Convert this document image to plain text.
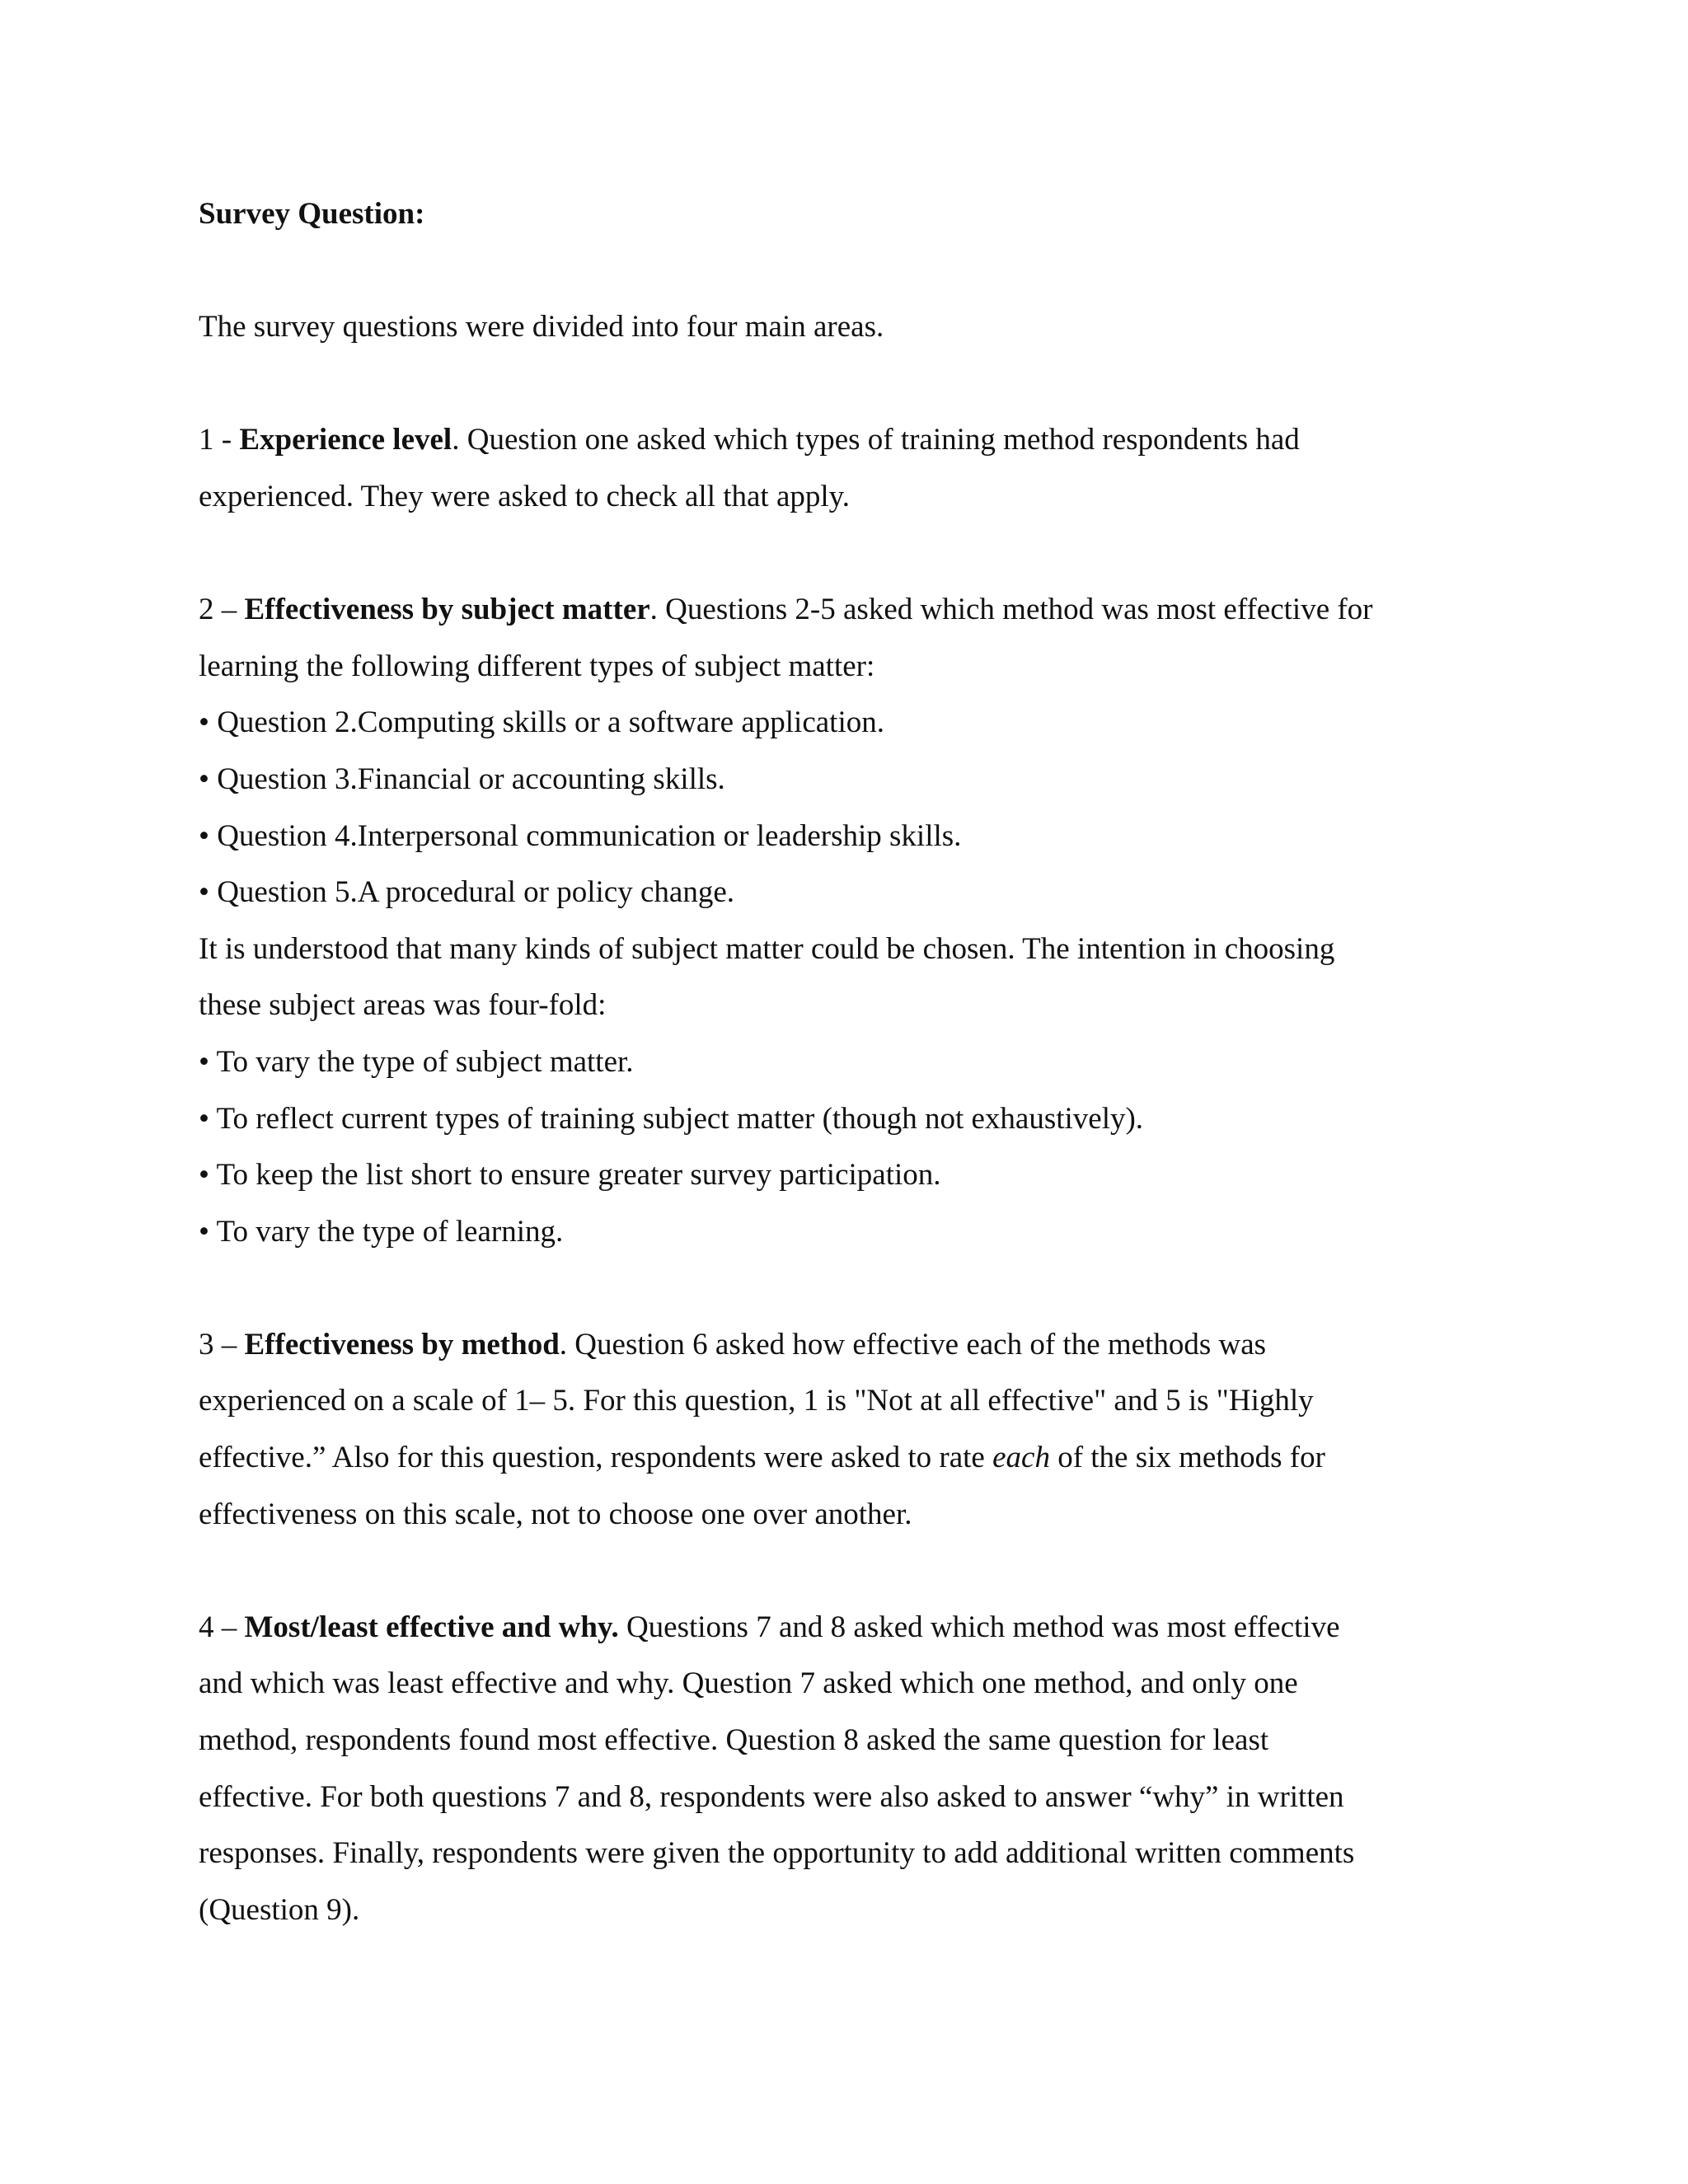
Survey Question:
The survey questions were divided into four main areas.
1 - Experience level. Question one asked which types of training method respondents had
experienced. They were asked to check all that apply.
2 – Effectiveness by subject matter. Questions 2-5 asked which method was most effective for
learning the following different types of subject matter:
• Question 2.Computing skills or a software application.
• Question 3.Financial or accounting skills.
• Question 4.Interpersonal communication or leadership skills.
• Question 5.A procedural or policy change.
It is understood that many kinds of subject matter could be chosen. The intention in choosing
these subject areas was four-fold:
• To vary the type of subject matter.
• To reflect current types of training subject matter (though not exhaustively).
• To keep the list short to ensure greater survey participation.
• To vary the type of learning.
3 – Effectiveness by method. Question 6 asked how effective each of the methods was
experienced on a scale of 1– 5. For this question, 1 is "Not at all effective" and 5 is "Highly
effective.” Also for this question, respondents were asked to rate each of the six methods for
effectiveness on this scale, not to choose one over another.
4 – Most/least effective and why. Questions 7 and 8 asked which method was most effective
and which was least effective and why. Question 7 asked which one method, and only one
method, respondents found most effective. Question 8 asked the same question for least
effective. For both questions 7 and 8, respondents were also asked to answer “why” in written
responses. Finally, respondents were given the opportunity to add additional written comments
(Question 9).
